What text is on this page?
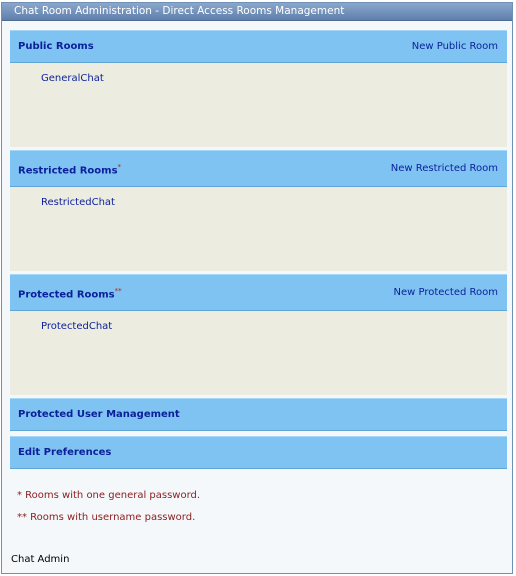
Chat Room Administration - Direct Access Rooms Management
Public Rooms	New Public Room
GeneralChat
Restricted Rooms*	New Restricted Room
RestrictedChat
Protected Rooms**	New Protected Room
ProtectedChat
Protected User Management
Edit Preferences
* Rooms with one general password.
** Rooms with username password.
Chat Admin
